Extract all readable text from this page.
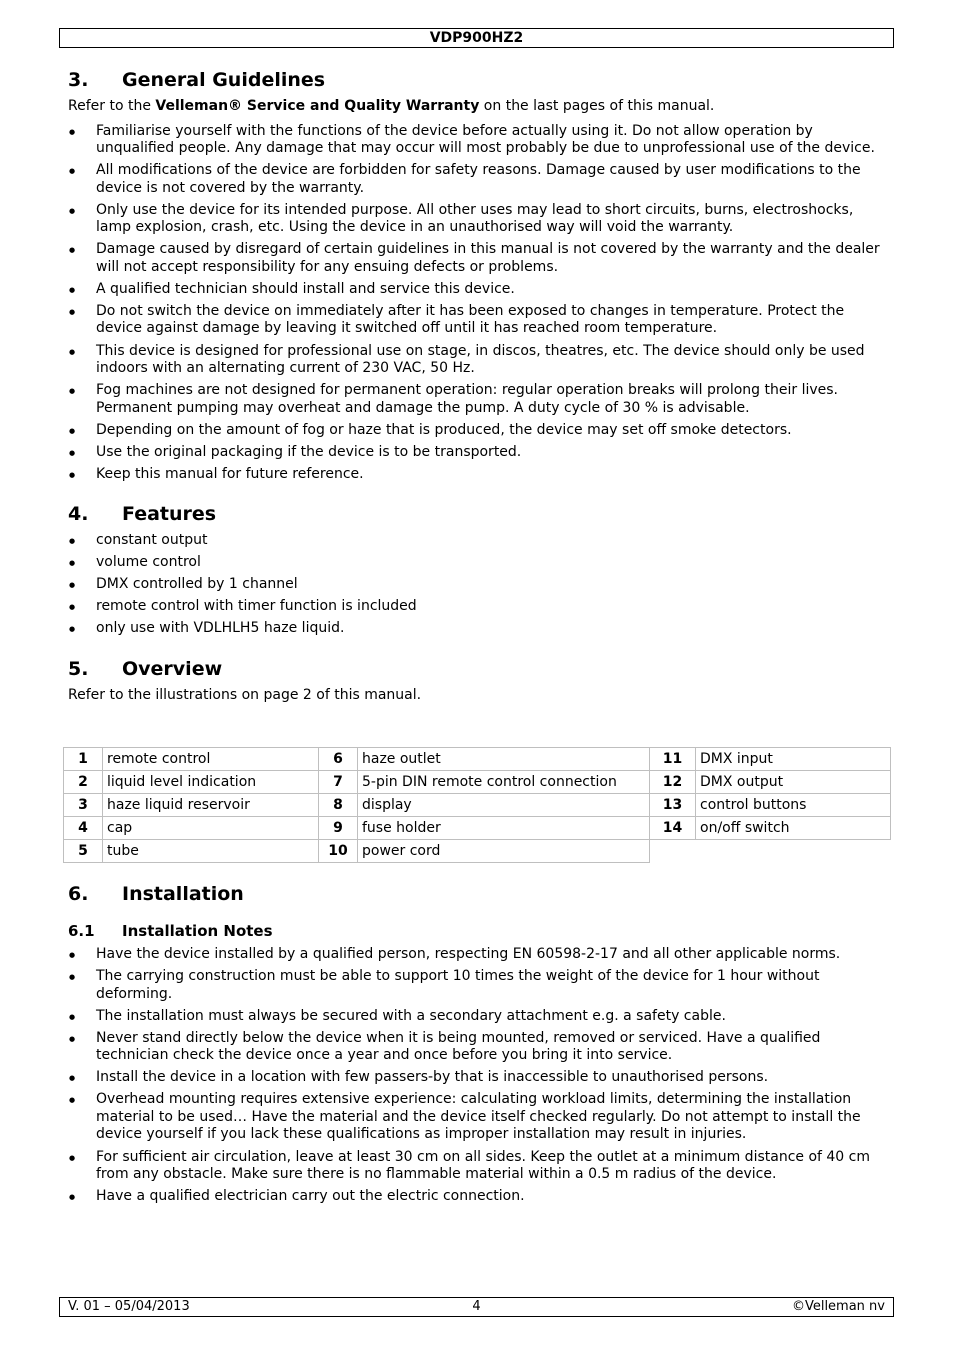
VDP900HZ2
3.	General Guidelines

Refer to the Velleman® Service and Quality Warranty on the last pages of this manual.

● Familiarise yourself with the functions of the device before actually using it. Do not allow operation by unqualified people. Any damage that may occur will most probably be due to unprofessional use of the device.
● All modifications of the device are forbidden for safety reasons. Damage caused by user modifications to the device is not covered by the warranty.
● Only use the device for its intended purpose. All other uses may lead to short circuits, burns, electroshocks, lamp explosion, crash, etc. Using the device in an unauthorised way will void the warranty.
● Damage caused by disregard of certain guidelines in this manual is not covered by the warranty and the dealer will not accept responsibility for any ensuing defects or problems.
● A qualified technician should install and service this device.
● Do not switch the device on immediately after it has been exposed to changes in temperature. Protect the device against damage by leaving it switched off until it has reached room temperature.
● This device is designed for professional use on stage, in discos, theatres, etc. The device should only be used indoors with an alternating current of 230 VAC, 50 Hz.
● Fog machines are not designed for permanent operation: regular operation breaks will prolong their lives. Permanent pumping may overheat and damage the pump. A duty cycle of 30 % is advisable.
● Depending on the amount of fog or haze that is produced, the device may set off smoke detectors.
● Use the original packaging if the device is to be transported.
● Keep this manual for future reference.
4.	Features
● constant output
● volume control
● DMX controlled by 1 channel
● remote control with timer function is included
● only use with VDLHLH5 haze liquid.
5.	Overview

Refer to the illustrations on page 2 of this manual.

1	remote control	6	haze outlet	11	DMX input
2	liquid level indication	7	5-pin DIN remote control connection	12	DMX output
3	haze liquid reservoir	8	display	13	control buttons
4	cap	9	fuse holder	14	on/off switch
5	tube	10	power cord		
6.	Installation
6.1	Installation Notes
● Have the device installed by a qualified person, respecting EN 60598-2-17 and all other applicable norms.
● The carrying construction must be able to support 10 times the weight of the device for 1 hour without deforming.
● The installation must always be secured with a secondary attachment e.g. a safety cable.
● Never stand directly below the device when it is being mounted, removed or serviced. Have a qualified technician check the device once a year and once before you bring it into service.
● Install the device in a location with few passers-by that is inaccessible to unauthorised persons.
● Overhead mounting requires extensive experience: calculating workload limits, determining the installation material to be used… Have the material and the device itself checked regularly. Do not attempt to install the device yourself if you lack these qualifications as improper installation may result in injuries.
● For sufficient air circulation, leave at least 30 cm on all sides. Keep the outlet at a minimum distance of 40 cm from any obstacle. Make sure there is no flammable material within a 0.5 m radius of the device.
● Have a qualified electrician carry out the electric connection.
V. 01 – 05/04/2013	4	©Velleman nv
